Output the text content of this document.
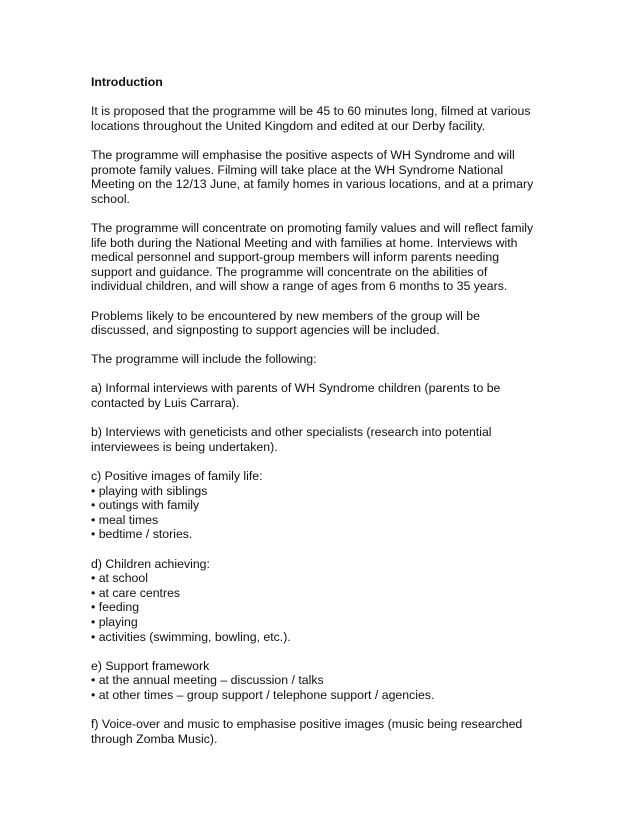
Introduction
It is proposed that the programme will be 45 to 60 minutes long, filmed at various
locations throughout the United Kingdom and edited at our Derby facility.
The programme will emphasise the positive aspects of WH Syndrome and will
promote family values. Filming will take place at the WH Syndrome National
Meeting on the 12/13 June, at family homes in various locations, and at a primary
school.
The programme will concentrate on promoting family values and will reflect family
life both during the National Meeting and with families at home. Interviews with
medical personnel and support-group members will inform parents needing
support and guidance. The programme will concentrate on the abilities of
individual children, and will show a range of ages from 6 months to 35 years.
Problems likely to be encountered by new members of the group will be
discussed, and signposting to support agencies will be included.
The programme will include the following:
a) Informal interviews with parents of WH Syndrome children (parents to be
contacted by Luis Carrara).
b) Interviews with geneticists and other specialists (research into potential
interviewees is being undertaken).
c) Positive images of family life:
• playing with siblings
• outings with family
• meal times
• bedtime / stories.
d) Children achieving:
• at school
• at care centres
• feeding
• playing
• activities (swimming, bowling, etc.).
e) Support framework
• at the annual meeting – discussion / talks
• at other times – group support / telephone support / agencies.
f) Voice-over and music to emphasise positive images (music being researched
through Zomba Music).
